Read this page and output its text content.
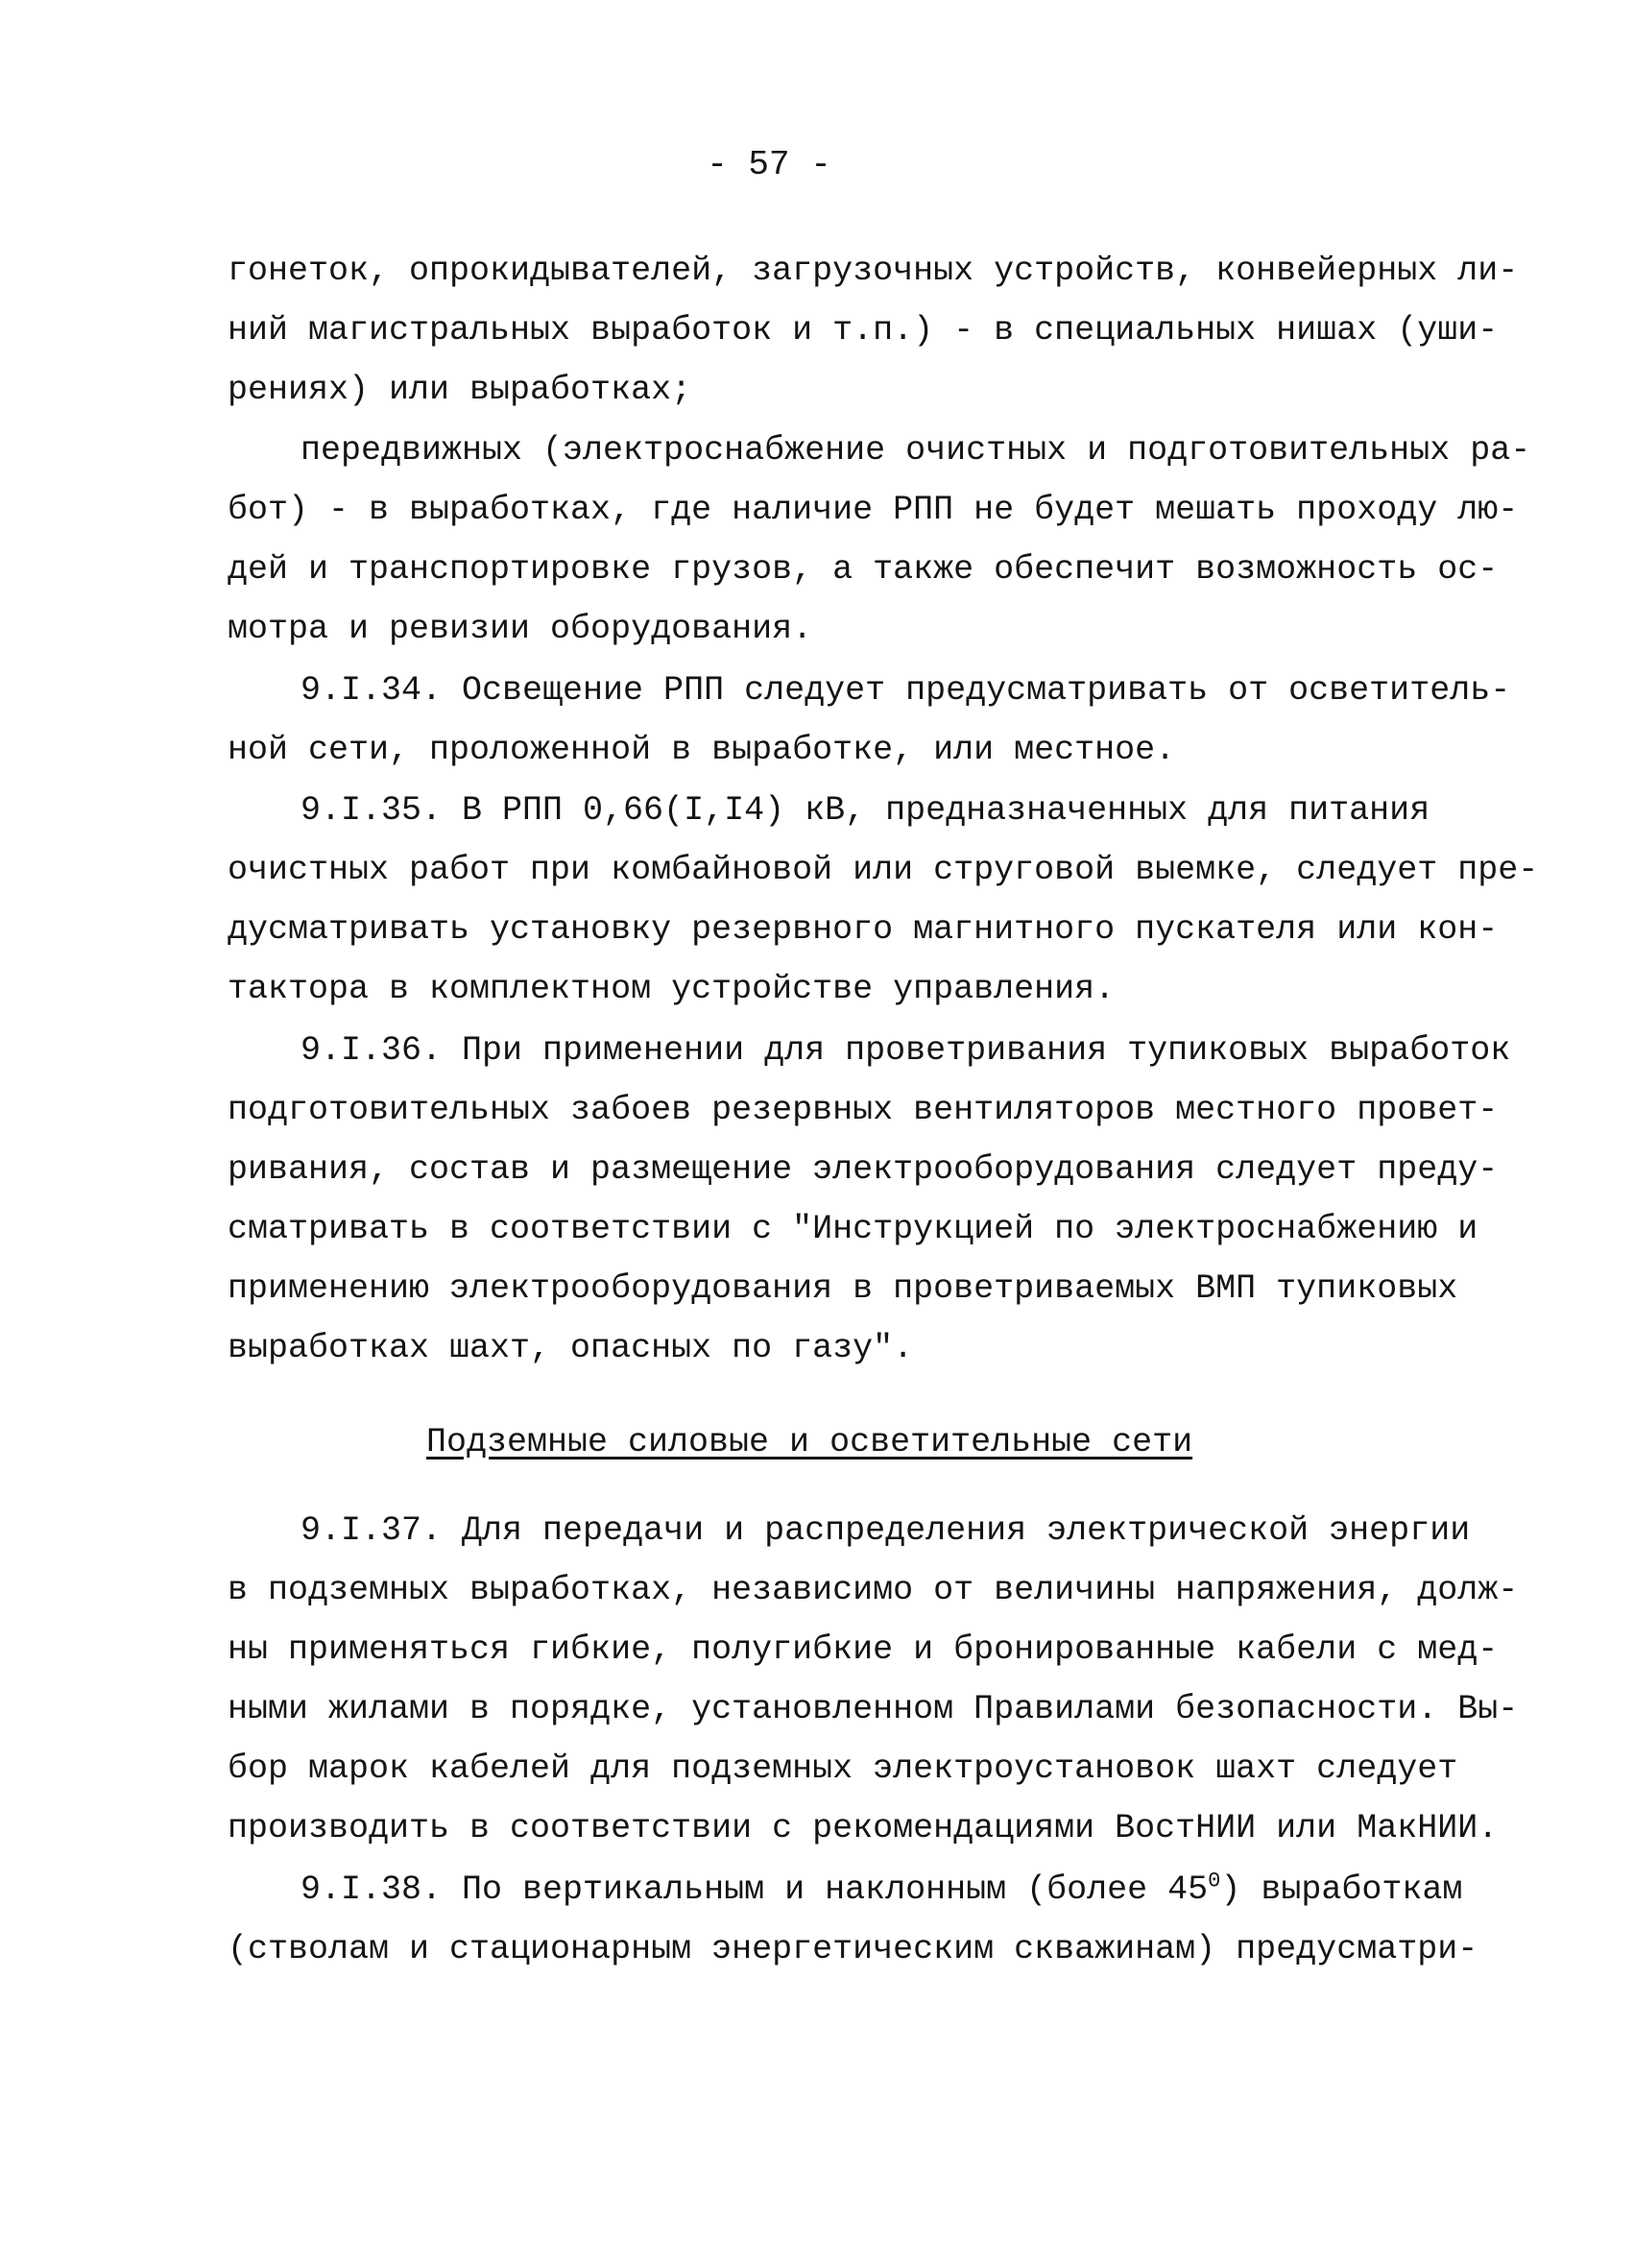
- 57 -
гонеток, опрокидывателей, загрузочных устройств, конвейерных ли-
ний магистральных выработок и т.п.) - в специальных нишах (уши-
рениях) или выработках;
передвижных (электроснабжение очистных и подготовительных ра-
бот) - в выработках, где наличие РПП не будет мешать проходу лю-
дей и транспортировке грузов, а также обеспечит возможность ос-
мотра и ревизии оборудования.
9.I.34. Освещение РПП следует предусматривать от осветитель-
ной сети, проложенной в выработке, или местное.
9.I.35. В РПП 0,66(I,I4) кВ, предназначенных для питания
очистных работ при комбайновой или струговой выемке, следует пре-
дусматривать установку резервного магнитного пускателя или кон-
тактора в комплектном устройстве управления.
9.I.36. При применении для проветривания тупиковых выработок
подготовительных забоев резервных вентиляторов местного провет-
ривания, состав и размещение электрооборудования следует преду-
сматривать в соответствии с "Инструкцией по электроснабжению и
применению электрооборудования в проветриваемых ВМП тупиковых
выработках шахт, опасных по газу".
Подземные силовые и осветительные сети
9.I.37. Для передачи и распределения электрической энергии
в подземных выработках, независимо от величины напряжения, долж-
ны применяться гибкие, полугибкие и бронированные кабели с мед-
ными жилами в порядке, установленном Правилами безопасности. Вы-
бор марок кабелей для подземных электроустановок шахт следует
производить в соответствии с рекомендациями ВостНИИ или МакНИИ.
9.I.38. По вертикальным и наклонным (более $45^0$) выработкам
(стволам и стационарным энергетическим скважинам) предусматри-
